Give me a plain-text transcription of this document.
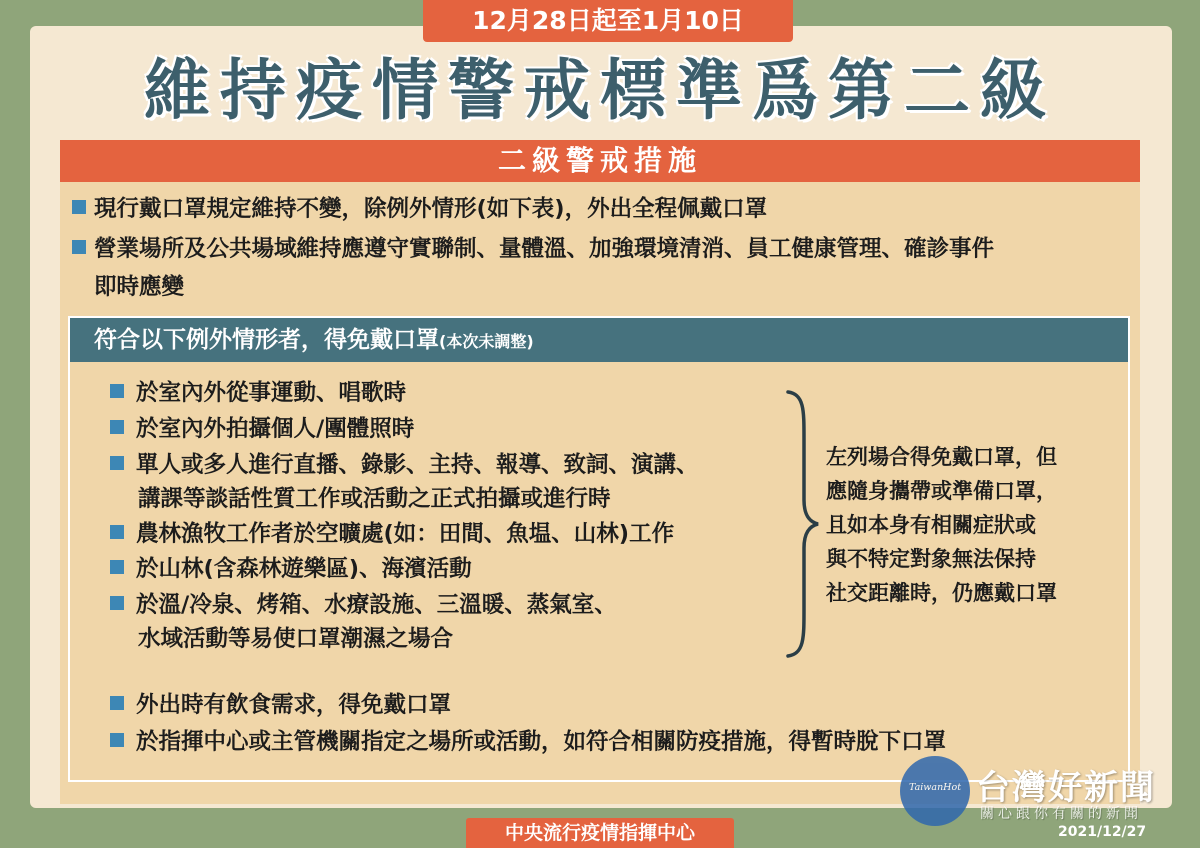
12月28日起至1月10日
維持疫情警戒標準爲第二級
二級警戒措施
現行戴口罩規定維持不變，除例外情形(如下表)，外出全程佩戴口罩
營業場所及公共場域維持應遵守實聯制、量體溫、加強環境清消、員工健康管理、確診事件
即時應變
符合以下例外情形者，得免戴口罩(本次未調整)
於室內外從事運動、唱歌時
於室內外拍攝個人/團體照時
單人或多人進行直播、錄影、主持、報導、致詞、演講、
講課等談話性質工作或活動之正式拍攝或進行時
農林漁牧工作者於空曠處(如：田間、魚塭、山林)工作
於山林(含森林遊樂區)、海濱活動
於溫/冷泉、烤箱、水療設施、三溫暖、蒸氣室、
水域活動等易使口罩潮濕之場合
左列場合得免戴口罩，但
應隨身攜帶或準備口罩，
且如本身有相關症狀或
與不特定對象無法保持
社交距離時，仍應戴口罩
外出時有飲食需求，得免戴口罩
於指揮中心或主管機關指定之場所或活動，如符合相關防疫措施，得暫時脫下口罩
中央流行疫情指揮中心
TaiwanHot 台灣好新聞
關心跟你有關的新聞
2021/12/27
